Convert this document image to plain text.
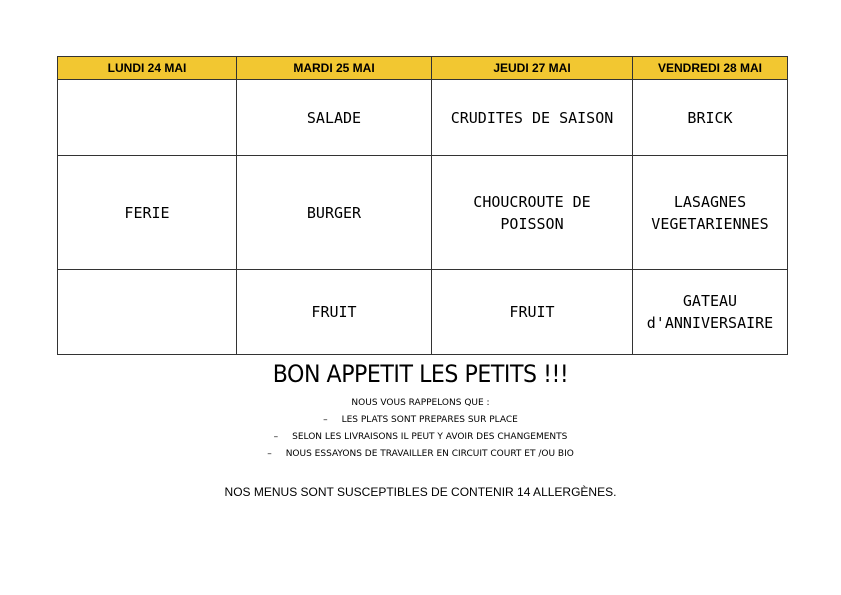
LUNDI 24 MAI	MARDI 25 MAI	JEUDI 27 MAI	VENDREDI 28 MAI
	SALADE	CRUDITES DE SAISON	BRICK
FERIE	BURGER	CHOUCROUTE DE POISSON	LASAGNES VEGETARIENNES
	FRUIT	FRUIT	GATEAU d'ANNIVERSAIRE
BON APPETIT LES PETITS !!!
NOUS VOUS RAPPELONS QUE :
– LES PLATS SONT PREPARES SUR PLACE
– SELON LES LIVRAISONS IL PEUT Y AVOIR DES CHANGEMENTS
– NOUS ESSAYONS DE TRAVAILLER EN CIRCUIT COURT ET /OU BIO
NOS MENUS SONT SUSCEPTIBLES DE CONTENIR 14 ALLERGÈNES.
